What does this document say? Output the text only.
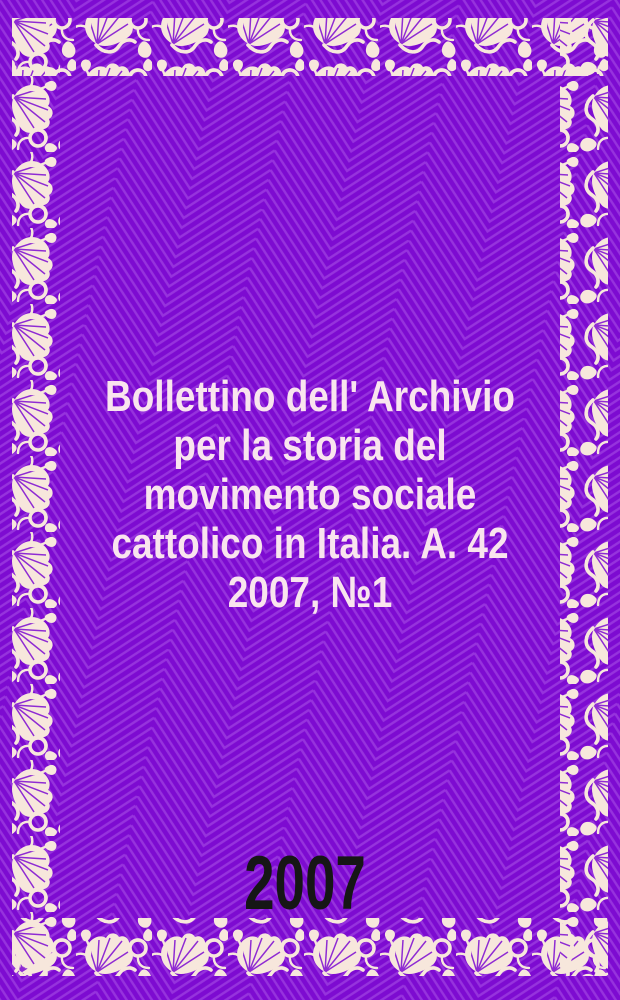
Bollettino dell' Archivio
per la storia del
movimento sociale
cattolico in Italia. A. 42
2007, №1
2007
